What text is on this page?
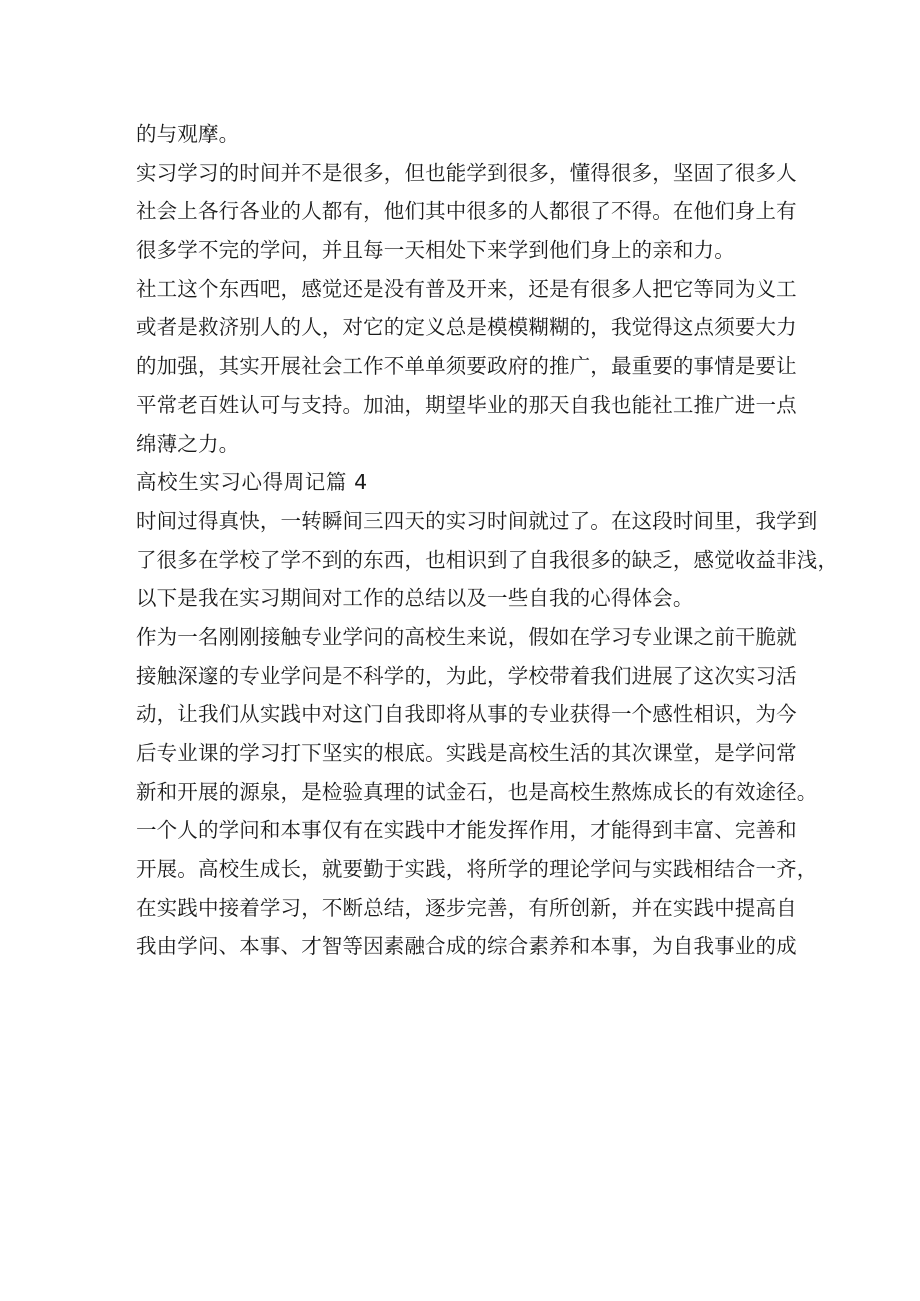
的与观摩。
实习学习的时间并不是很多，但也能学到很多，懂得很多，坚固了很多人
社会上各行各业的人都有，他们其中很多的人都很了不得。在他们身上有
很多学不完的学问，并且每一天相处下来学到他们身上的亲和力。
社工这个东西吧，感觉还是没有普及开来，还是有很多人把它等同为义工
或者是救济别人的人，对它的定义总是模模糊糊的，我觉得这点须要大力
的加强，其实开展社会工作不单单须要政府的推广，最重要的事情是要让
平常老百姓认可与支持。加油，期望毕业的那天自我也能社工推广进一点
绵薄之力。
高校生实习心得周记篇 4
时间过得真快，一转瞬间三四天的实习时间就过了。在这段时间里，我学到
了很多在学校了学不到的东西，也相识到了自我很多的缺乏，感觉收益非浅，
以下是我在实习期间对工作的总结以及一些自我的心得体会。
作为一名刚刚接触专业学问的高校生来说，假如在学习专业课之前干脆就
接触深邃的专业学问是不科学的，为此，学校带着我们进展了这次实习活
动，让我们从实践中对这门自我即将从事的专业获得一个感性相识，为今
后专业课的学习打下坚实的根底。实践是高校生活的其次课堂，是学问常
新和开展的源泉，是检验真理的试金石，也是高校生熬炼成长的有效途径。
一个人的学问和本事仅有在实践中才能发挥作用，才能得到丰富、完善和
开展。高校生成长，就要勤于实践，将所学的理论学问与实践相结合一齐，
在实践中接着学习，不断总结，逐步完善，有所创新，并在实践中提高自
我由学问、本事、才智等因素融合成的综合素养和本事，为自我事业的成
